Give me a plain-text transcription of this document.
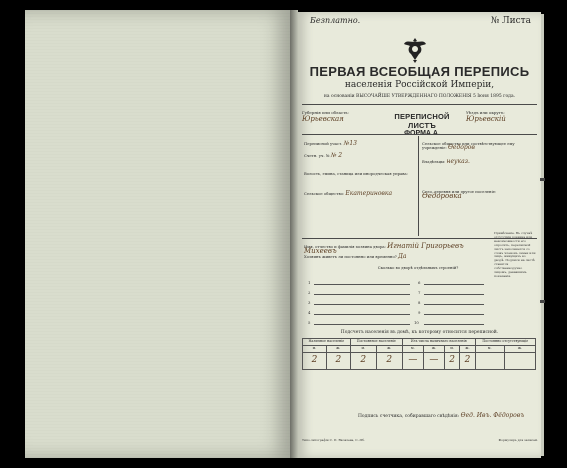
Безплатно.	№ Листа
ПЕРВАЯ ВСЕОБЩАЯ ПЕРЕПИСЬ
населенія Россійской Имперіи,
на основаніи ВЫСОЧАЙШЕ УТВЕРЖДЕННАГО ПОЛОЖЕНІЯ 5 Іюня 1895 года.
Губернія или область:
Юрьевская	ПЕРЕПИСНОЙ ЛИСТЪ
Уѣздъ или округъ:
Юрьевскій
Переписной участ. №13
Счетн. уч. № № 2
Волость, гмина, станица или инородческая управа:
Сельское общество: Екатериновка
Сельское общество или соотвѣтствующее ему учрежденіе: Ѳедоров
Владѣльцы: неуказ.
Село, деревня или другое поселеніе: Ѳедоровка
Имя, отчество и фамилія хозяина двора: Игнатій Григорьевъ Михеевъ
Хозяинъ живетъ ли постоянно или временно? Да
Сколько во дворѣ отдѣльныхъ строеній?
1
2
3
4
5
6
7
8
9
10
Примѣчаніе. Въ случаѣ отсутствія хозяина или невозможности его опросить, переписной листъ заполняется со словъ членовъ семьи или лицъ, живущихъ во дворѣ. Подписи на листѣ ставятся собственноручно лицомъ, дававшимъ показанія.
Подсчетъ населенія въ домѣ, къ которому относится переписной.
Наличное населеніе		Постоянное населеніе		Изъ числа наличнаго населенія				Постоянно отсутствующіе	
м.	ж.	м.	ж.	м.	ж.	м.	ж.	м.	ж.
2	2	2	2	—	—	2	2		
Подпись счетчика, собиравшаго свѣдѣнія: Ѳед. Ивъ. Фёдоровъ
Типо-литографія С. П. Яковлева, С.-Пб.	Формуляръ для записей.
